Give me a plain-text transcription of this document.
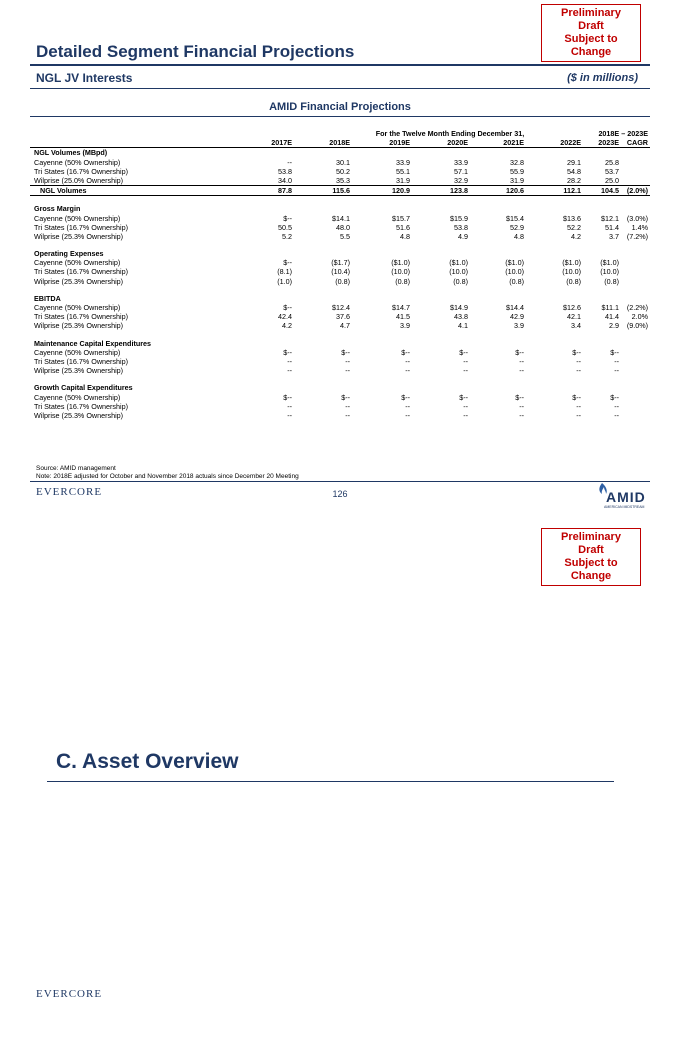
Preliminary Draft
Subject to Change
Detailed Segment Financial Projections
NGL JV Interests	($ in millions)
AMID Financial Projections
For the Twelve Month Ending December 31,	2018E – 2023E
2017E	2018E	2019E	2020E	2021E	2022E	2023E	CAGR
NGL Volumes (MBpd)
Cayenne (50% Ownership)	--	30.1	33.9	33.9	32.8	29.1	25.8
Tri States (16.7% Ownership)	53.8	50.2	55.1	57.1	55.9	54.8	53.7
Wilprise (25.0% Ownership)	34.0	35.3	31.9	32.9	31.9	28.2	25.0
NGL Volumes	87.8	115.6	120.9	123.8	120.6	112.1	104.5	(2.0%)
Gross Margin
Cayenne (50% Ownership)	$--	$14.1	$15.7	$15.9	$15.4	$13.6	$12.1	(3.0%)
Tri States (16.7% Ownership)	50.5	48.0	51.6	53.8	52.9	52.2	51.4	1.4%
Wilprise (25.3% Ownership)	5.2	5.5	4.8	4.9	4.8	4.2	3.7	(7.2%)
Operating Expenses
Cayenne (50% Ownership)	$--	($1.7)	($1.0)	($1.0)	($1.0)	($1.0)	($1.0)
Tri States (16.7% Ownership)	(8.1)	(10.4)	(10.0)	(10.0)	(10.0)	(10.0)	(10.0)
Wilprise (25.3% Ownership)	(1.0)	(0.8)	(0.8)	(0.8)	(0.8)	(0.8)	(0.8)
EBITDA
Cayenne (50% Ownership)	$--	$12.4	$14.7	$14.9	$14.4	$12.6	$11.1	(2.2%)
Tri States (16.7% Ownership)	42.4	37.6	41.5	43.8	42.9	42.1	41.4	2.0%
Wilprise (25.3% Ownership)	4.2	4.7	3.9	4.1	3.9	3.4	2.9	(9.0%)
Maintenance Capital Expenditures
Cayenne (50% Ownership)	$--	$--	$--	$--	$--	$--	$--
Tri States (16.7% Ownership)	--	--	--	--	--	--	--
Wilprise (25.3% Ownership)	--	--	--	--	--	--	--
Growth Capital Expenditures
Cayenne (50% Ownership)	$--	$--	$--	$--	$--	$--	$--
Tri States (16.7% Ownership)	--	--	--	--	--	--	--
Wilprise (25.3% Ownership)	--	--	--	--	--	--	--
Source: AMID management
Note: 2018E adjusted for October and November 2018 actuals since December 20 Meeting
EVERCORE	126	AMID
AMERICAN MIDSTREAM
Preliminary Draft
Subject to Change
C. Asset Overview
EVERCORE
